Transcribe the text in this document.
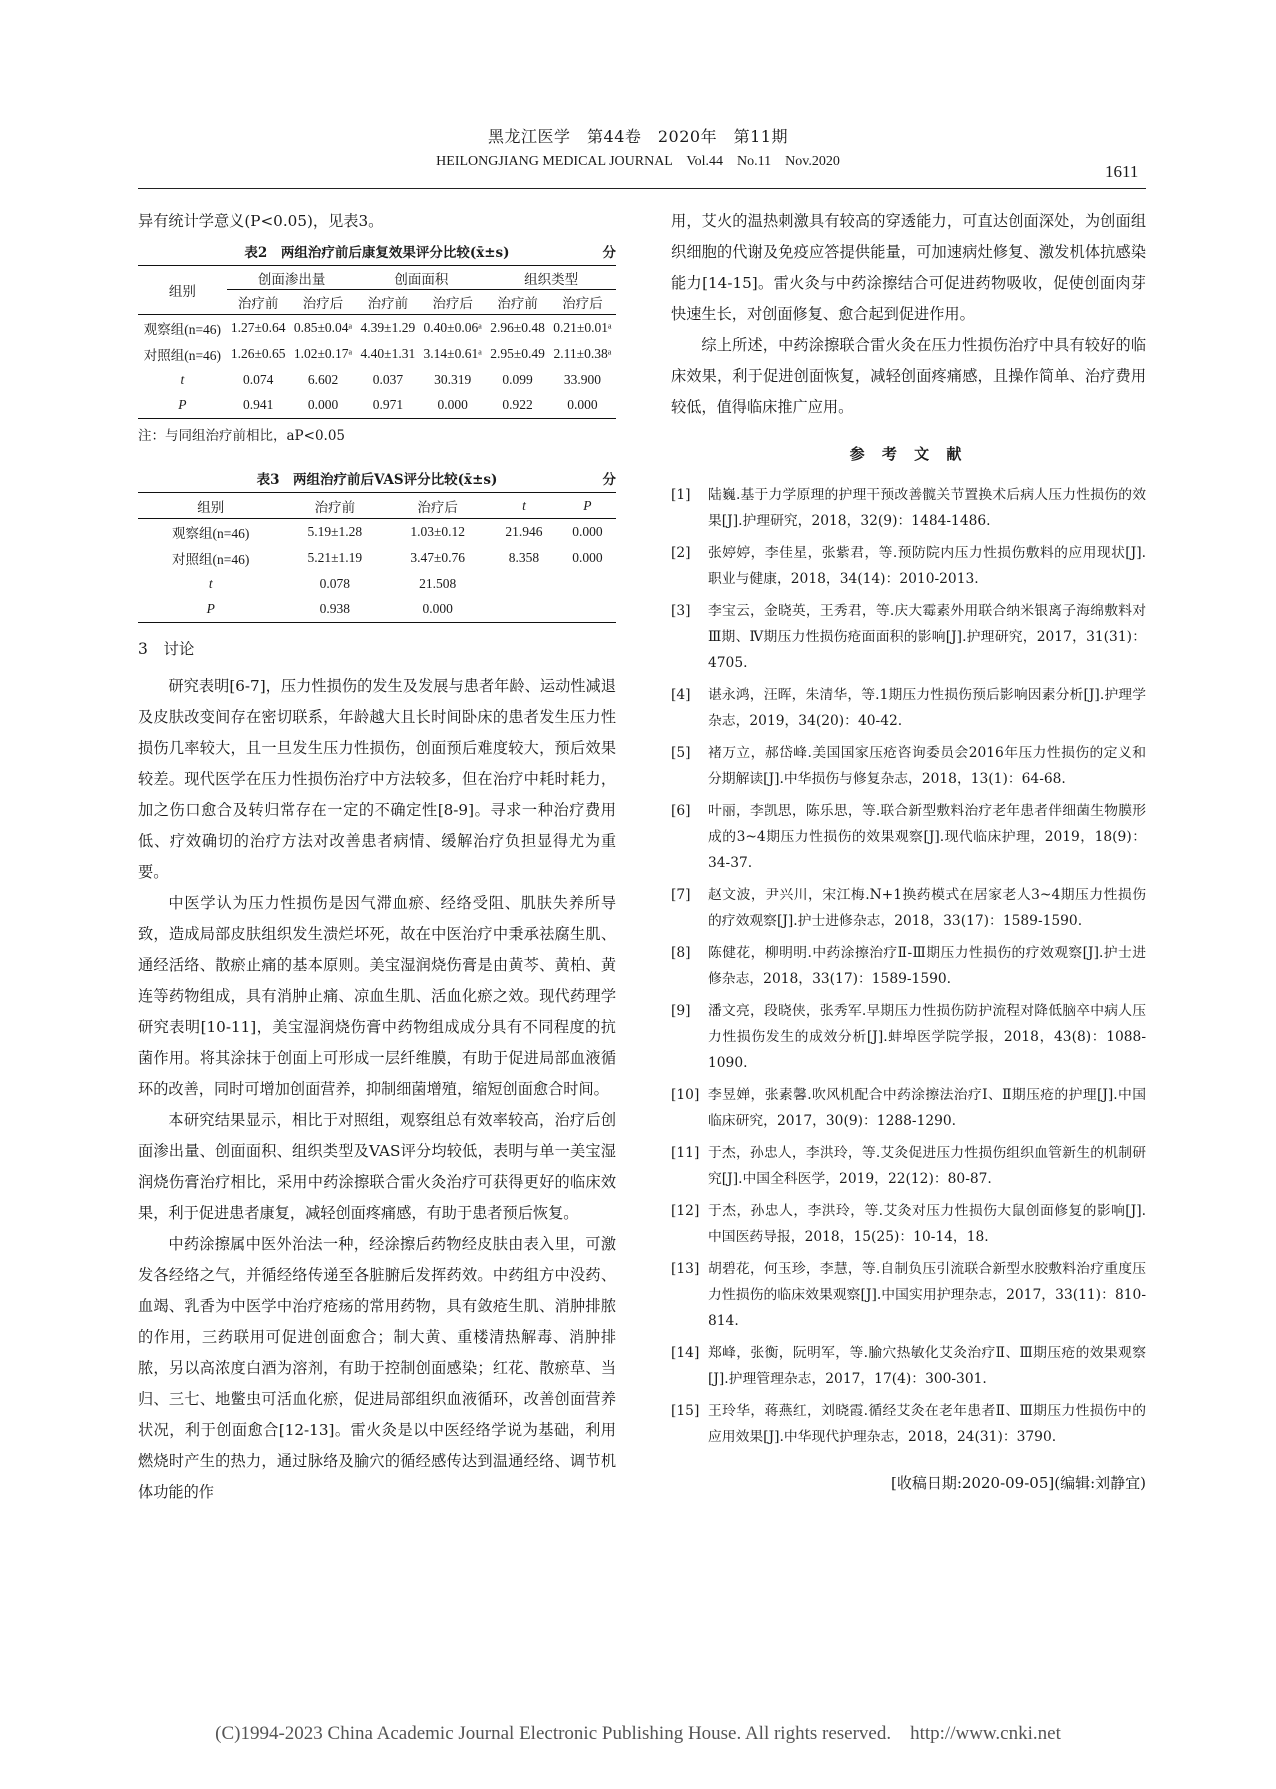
黑龙江医学　第44卷　2020年　第11期
HEILONGJIANG MEDICAL JOURNAL　Vol.44　No.11　Nov.2020
1611

异有统计学意义(P<0.05)，见表3。

表2　两组治疗前后康复效果评分比较(x̄±s)	分
组别	创面渗出量		创面面积		组织类型	
	治疗前	治疗后	治疗前	治疗后	治疗前	治疗后
观察组(n=46)	1.27±0.64	0.85±0.04ᵃ	4.39±1.29	0.40±0.06ᵃ	2.96±0.48	0.21±0.01ᵃ
对照组(n=46)	1.26±0.65	1.02±0.17ᵃ	4.40±1.31	3.14±0.61ᵃ	2.95±0.49	2.11±0.38ᵃ
t	0.074	6.602	0.037	30.319	0.099	33.900
P	0.941	0.000	0.971	0.000	0.922	0.000
注：与同组治疗前相比，aP<0.05
表3　两组治疗前后VAS评分比较(x̄±s)	分
组别	治疗前	治疗后	t	P
观察组(n=46)	5.19±1.28	1.03±0.12	21.946	0.000
对照组(n=46)	5.21±1.19	3.47±0.76	8.358	0.000
t	0.078	21.508		
P	0.938	0.000		
3　讨论

研究表明[6-7]，压力性损伤的发生及发展与患者年龄、运动性减退及皮肤改变间存在密切联系，年龄越大且长时间卧床的患者发生压力性损伤几率较大，且一旦发生压力性损伤，创面预后难度较大，预后效果较差。现代医学在压力性损伤治疗中方法较多，但在治疗中耗时耗力，加之伤口愈合及转归常存在一定的不确定性[8-9]。寻求一种治疗费用低、疗效确切的治疗方法对改善患者病情、缓解治疗负担显得尤为重要。

中医学认为压力性损伤是因气滞血瘀、经络受阻、肌肤失养所导致，造成局部皮肤组织发生溃烂坏死，故在中医治疗中秉承祛腐生肌、通经活络、散瘀止痛的基本原则。美宝湿润烧伤膏是由黄芩、黄柏、黄连等药物组成，具有消肿止痛、凉血生肌、活血化瘀之效。现代药理学研究表明[10-11]，美宝湿润烧伤膏中药物组成成分具有不同程度的抗菌作用。将其涂抹于创面上可形成一层纤维膜，有助于促进局部血液循环的改善，同时可增加创面营养，抑制细菌增殖，缩短创面愈合时间。

本研究结果显示，相比于对照组，观察组总有效率较高，治疗后创面渗出量、创面面积、组织类型及VAS评分均较低，表明与单一美宝湿润烧伤膏治疗相比，采用中药涂擦联合雷火灸治疗可获得更好的临床效果，利于促进患者康复，减轻创面疼痛感，有助于患者预后恢复。

中药涂擦属中医外治法一种，经涂擦后药物经皮肤由表入里，可激发各经络之气，并循经络传递至各脏腑后发挥药效。中药组方中没药、血竭、乳香为中医学中治疗疮疡的常用药物，具有敛疮生肌、消肿排脓的作用，三药联用可促进创面愈合；制大黄、重楼清热解毒、消肿排脓，另以高浓度白酒为溶剂，有助于控制创面感染；红花、散瘀草、当归、三七、地鳖虫可活血化瘀，促进局部组织血液循环，改善创面营养状况，利于创面愈合[12-13]。雷火灸是以中医经络学说为基础，利用燃烧时产生的热力，通过脉络及腧穴的循经感传达到温通经络、调节机体功能的作

用，艾火的温热刺激具有较高的穿透能力，可直达创面深处，为创面组织细胞的代谢及免疫应答提供能量，可加速病灶修复、激发机体抗感染能力[14-15]。雷火灸与中药涂擦结合可促进药物吸收，促使创面肉芽快速生长，对创面修复、愈合起到促进作用。

综上所述，中药涂擦联合雷火灸在压力性损伤治疗中具有较好的临床效果，利于促进创面恢复，减轻创面疼痛感，且操作简单、治疗费用较低，值得临床推广应用。

参 考 文 献
[1]	陆巍.基于力学原理的护理干预改善髋关节置换术后病人压力性损伤的效果[J].护理研究，2018，32(9)：1484-1486.
[2]	张婷婷，李佳星，张紫君，等.预防院内压力性损伤敷料的应用现状[J].职业与健康，2018，34(14)：2010-2013.
[3]	李宝云，金晓英，王秀君，等.庆大霉素外用联合纳米银离子海绵敷料对Ⅲ期、Ⅳ期压力性损伤疮面面积的影响[J].护理研究，2017，31(31)：4705.
[4]	谌永鸿，汪晖，朱清华，等.1期压力性损伤预后影响因素分析[J].护理学杂志，2019，34(20)：40-42.
[5]	褚万立，郝岱峰.美国国家压疮咨询委员会2016年压力性损伤的定义和分期解读[J].中华损伤与修复杂志，2018，13(1)：64-68.
[6]	叶丽，李凯思，陈乐思，等.联合新型敷料治疗老年患者伴细菌生物膜形成的3~4期压力性损伤的效果观察[J].现代临床护理，2019，18(9)：34-37.
[7]	赵文波，尹兴川，宋江梅.N+1换药模式在居家老人3~4期压力性损伤的疗效观察[J].护士进修杂志，2018，33(17)：1589-1590.
[8]	陈健花，柳明明.中药涂擦治疗Ⅱ-Ⅲ期压力性损伤的疗效观察[J].护士进修杂志，2018，33(17)：1589-1590.
[9]	潘文亮，段晓侠，张秀军.早期压力性损伤防护流程对降低脑卒中病人压力性损伤发生的成效分析[J].蚌埠医学院学报，2018，43(8)：1088-1090.
[10] 李昱婵，张素馨.吹风机配合中药涂擦法治疗Ⅰ、Ⅱ期压疮的护理[J].中国临床研究，2017，30(9)：1288-1290.
[11] 于杰，孙忠人，李洪玲，等.艾灸促进压力性损伤组织血管新生的机制研究[J].中国全科医学，2019，22(12)：80-87.
[12] 于杰，孙忠人，李洪玲，等.艾灸对压力性损伤大鼠创面修复的影响[J].中国医药导报，2018，15(25)：10-14，18.
[13] 胡碧花，何玉珍，李慧，等.自制负压引流联合新型水胶敷料治疗重度压力性损伤的临床效果观察[J].中国实用护理杂志，2017，33(11)：810-814.
[14] 郑峰，张衡，阮明军，等.腧穴热敏化艾灸治疗Ⅱ、Ⅲ期压疮的效果观察[J].护理管理杂志，2017，17(4)：300-301.
[15] 王玲华，蒋燕红，刘晓霞.循经艾灸在老年患者Ⅱ、Ⅲ期压力性损伤中的应用效果[J].中华现代护理杂志，2018，24(31)：3790.
[收稿日期:2020-09-05](编辑:刘静宜)
(C)1994-2023 China Academic Journal Electronic Publishing House. All rights reserved.　http://www.cnki.net
